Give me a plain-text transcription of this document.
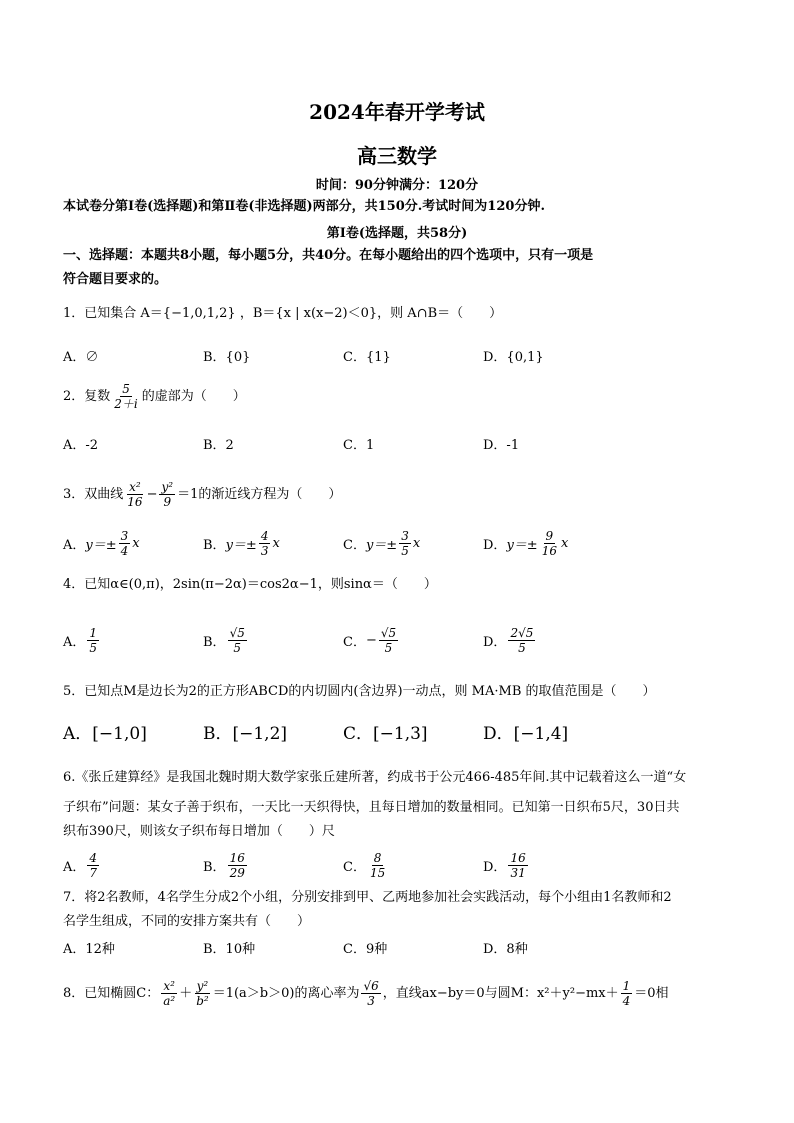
2024年春开学考试
高三数学
时间：90分钟满分：120分
本试卷分第Ⅰ卷(选择题)和第Ⅱ卷(非选择题)两部分，共150分.考试时间为120分钟.
第Ⅰ卷(选择题，共58分)
一、选择题：本题共8小题，每小题5分，共40分。在每小题给出的四个选项中，只有一项是
符合题目要求的。
1．已知集合 A＝{−1,0,1,2} ，B＝{x | x(x−2)＜0}，则 A∩B＝（　　）
A．∅	B．{0}	C．{1}	D．{0,1}
2．复数 $\frac{5}{2+i}$ 的虚部为（　　）
A．-2	B．2	C．1	D．-1
3．双曲线 $\frac{\text{x²}}{16} - \frac{\text{y²}}{9} =1$的渐近线方程为（　　）
A． $y=\pm \frac{3}{4}$ x	B． $y=\pm \frac{4}{3}$ x	C． $y=\pm \frac{3}{5}$ x	D． $y=\pm \frac{9}{16}$ x
4．已知α∈(0,π)，2sin(π−2α)＝cos2α−1，则sinα＝（　　）
A． $\frac{1}{5}$	B． $\frac{√5}{5}$	C． − $\frac{√5}{5}$	D． $\frac{2√5}{5}$
5．已知点M是边长为2的正方形ABCD的内切圆内(含边界)一动点，则 MA·MB 的取值范围是（　　）
A．[−1,0]	B．[−1,2]	C．[−1,3]	D．[−1,4]
6.《张丘建算经》是我国北魏时期大数学家张丘建所著，约成书于公元466-485年间.其中记载着这么一道“女
子织布”问题：某女子善于织布，一天比一天织得快，且每日增加的数量相同。已知第一日织布5尺，30日共
织布390尺，则该女子织布每日增加（　　）尺
A． $\frac{4}{7}$	B． $\frac{16}{29}$	C． $\frac{8}{15}$	D． $\frac{16}{31}$
7．将2名教师，4名学生分成2个小组，分别安排到甲、乙两地参加社会实践活动，每个小组由1名教师和2
名学生组成，不同的安排方案共有（　　）
A．12种	B．10种	C．9种	D．8种
8．已知椭圆C： $\frac{\text{x²}}{\text{a²}} + \frac{\text{y²}}{\text{b²}} =1(a>b>0)$的离心率为 $\frac{√6}{3}$ ，直线ax−by＝0与圆M：$x^2+y^2-mx+ \frac{1}{4} =0$相
